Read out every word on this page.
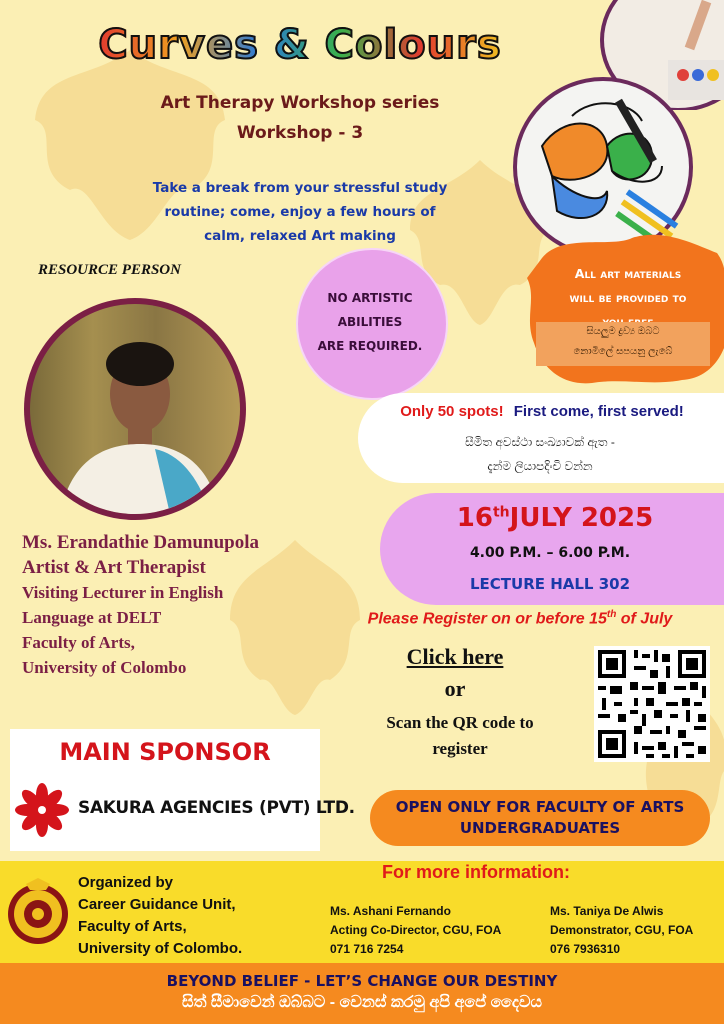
Curves & Colours
Art Therapy Workshop series
Workshop - 3
Take a break from your stressful study routine; come, enjoy a few hours of calm, relaxed Art making
RESOURCE PERSON
Ms. Erandathie Damunupola
Artist & Art Therapist
Visiting Lecturer in English
Language at DELT
Faculty of Arts,
University of Colombo
NO ARTISTIC
ABILITIES
ARE REQUIRED.
All art materials
will be provided to
සියලුම ද්‍රව්‍ය ඔබට
නොමිලේ සපයනු ලැබේ
Only 50 spots! First come, first served!
සීමිත අවස්ථා සංඛ්‍යාවක් ඇත -
දැන්ම ලියාපදිංචි වන්න
16thJULY 2025
4.00 P.M. – 6.00 P.M.
LECTURE HALL 302
Please Register on or before 15th of July
Click here
or
Scan the QR code to
register
MAIN SPONSOR
SAKURA AGENCIES (PVT) LTD.	OPEN ONLY FOR FACULTY OF ARTS
UNDERGRADUATES
Organized by
Career Guidance Unit,
Faculty of Arts,
University of Colombo.
For more information:
Ms. Ashani Fernando
Acting Co-Director, CGU, FOA
071 716 7254
Ms. Taniya De Alwis
Demonstrator, CGU, FOA
076 7936310
BEYOND BELIEF - LET’S CHANGE OUR DESTINY
සිත් සීමාවෙන් ඔබ්බට - වෙනස් කරමු අපි අපේ දෛවය
